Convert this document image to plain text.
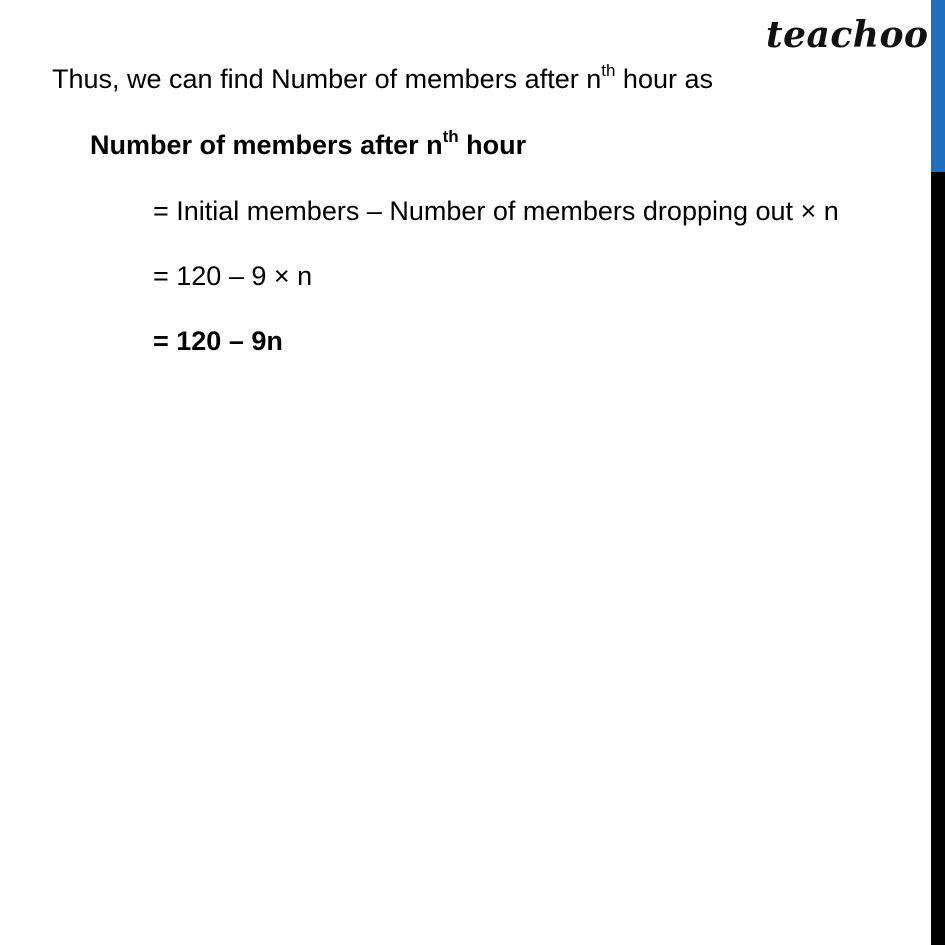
teachoo
Thus, we can find Number of members after $n^{th}$ hour as
Number of members after $n^{th}$ hour
= Initial members – Number of members dropping out × n
= 120 – 9 × n
= 120 – 9n
